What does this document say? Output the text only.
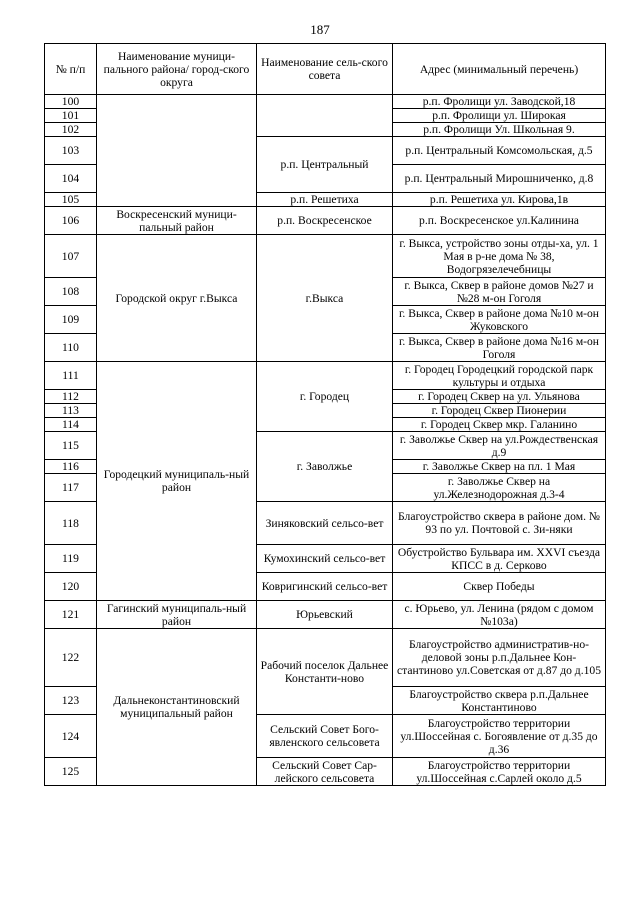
187
№ п/п	Наименование муници-пального района/ город-ского округа	Наименование сель-ского совета	Адрес (минимальный перечень)
100			р.п. Фролищи ул. Заводской,18
101			р.п. Фролищи ул. Широкая
102			р.п. Фролищи Ул. Школьная 9.
103		р.п. Центральный	р.п. Центральный Комсомольская, д.5
104			р.п. Центральный Мирошниченко, д.8
105		р.п. Решетиха	р.п. Решетиха ул. Кирова,1в
106	Воскресенский муници-пальный район	р.п. Воскресенское	р.п. Воскресенское ул.Калинина
107	Городской округ г.Выкса	г.Выкса	г. Выкса, устройство зоны отды-ха, ул. 1 Мая в р-не дома № 38, Водогрязелечебницы
108			г. Выкса, Сквер в районе домов №27 и №28 м-он Гоголя
109			г. Выкса, Сквер в районе дома №10 м-он Жуковского
110			г. Выкса, Сквер в районе дома №16 м-он Гоголя
111	Городецкий муниципаль-ный район	г. Городец	г. Городец Городецкий городской парк культуры и отдыха
112			г. Городец Сквер на ул. Ульянова
113			г. Городец Сквер Пионерии
114			г. Городец Сквер мкр. Галанино
115		г. Заволжье	г. Заволжье Сквер на ул.Рождественская д.9
116			г. Заволжье Сквер на пл. 1 Мая
117			г. Заволжье Сквер на ул.Железнодорожная д.3-4
118		Зиняковский сельсо-вет	Благоустройство сквера в районе дом. № 93 по ул. Почтовой с. Зи-няки
119		Кумохинский сельсо-вет	Обустройство Бульвара им. XXVI съезда КПСС в д. Серково
120		Ковригинский сельсо-вет	Сквер Победы
121	Гагинский муниципаль-ный район	Юрьевский	с. Юрьево, ул. Ленина (рядом с домом №103а)
122	Дальнеконстантиновский муниципальный район	Рабочий поселок Дальнее Константи-ново	Благоустройство административ-но-деловой зоны р.п.Дальнее Кон-стантиново ул.Советская от д.87 до д.105
123			Благоустройство сквера р.п.Дальнее Константиново
124		Сельский Совет Бого-явленского сельсовета	Благоустройство территории ул.Шоссейная с. Богоявление от д.35 до д.36
125		Сельский Совет Сар-лейского сельсовета	Благоустройство территории ул.Шоссейная с.Сарлей около д.5
